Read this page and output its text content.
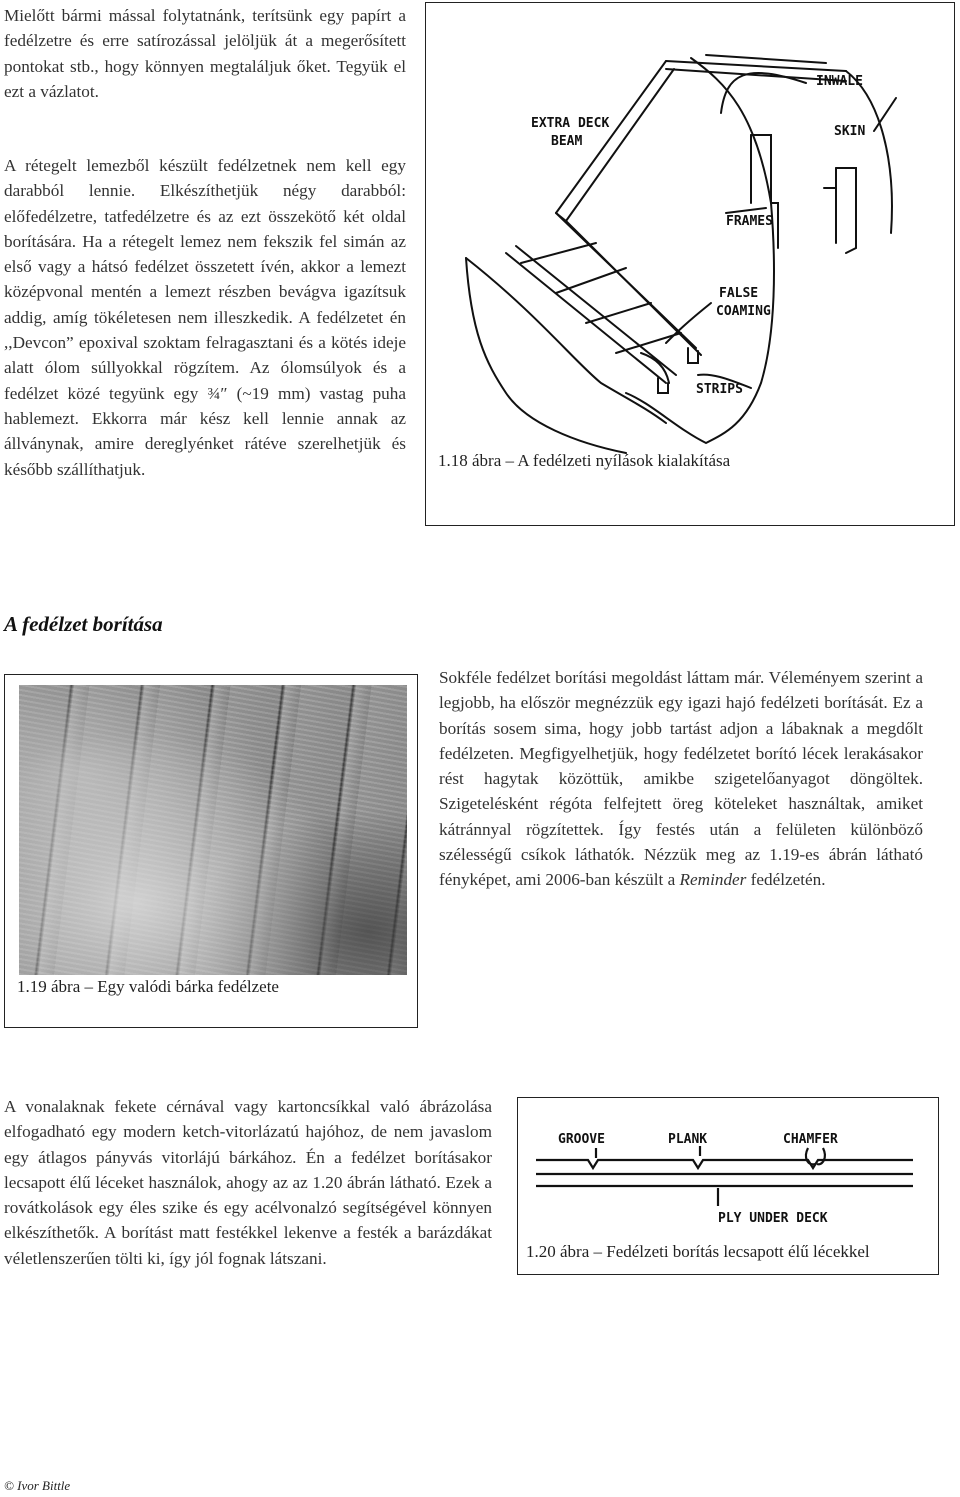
Mielőtt bármi mással folytatnánk, terítsünk egy papírt a fedélzetre és erre satírozással jelöljük át a megerősített pontokat stb., hogy könnyen megtaláljuk őket. Tegyük el ezt a vázlatot.

A rétegelt lemezből készült fedélzetnek nem kell egy darabból lennie. Elkészíthetjük négy darabból: előfedélzetre, tatfedélzetre és az ezt összekötő két oldal borítására. Ha a rétegelt lemez nem fekszik fel simán az első vagy a hátsó fedélzet összetett ívén, akkor a lemezt középvonal mentén a lemezt részben bevágva igazítsuk addig, amíg tökéletesen nem illeszkedik. A fedélzetet én ,,Devcon” epoxival szoktam felragasztani és a kötés ideje alatt ólom súllyokkal rögzítem. Az ólomsúlyok és a fedélzet közé tegyünk egy ¾″ (~19 mm) vastag puha hablemezt. Ekkorra már kész kell lennie annak az állványnak, amire dereglyénket rátéve szerelhetjük és később szállíthatjuk.

INWALE
SKIN
EXTRA DECK
BEAM
FRAMES
FALSE
COAMING
STRIPS
1.18 ábra – A fedélzeti nyílások kialakítása
A fedélzet borítása
1.19 ábra – Egy valódi bárka fedélzete

Sokféle fedélzet borítási megoldást láttam már. Véleményem szerint a legjobb, ha először megnézzük egy igazi hajó fedélzeti borítását. Ez a borítás sosem sima, hogy jobb tartást adjon a lábaknak a megdőlt fedélzeten. Megfigyelhetjük, hogy fedélzetet borító lécek lerakásakor rést hagytak közöttük, amikbe szigetelőanyagot döngöltek. Szigetelésként régóta felfejtett öreg köteleket használtak, amiket kátránnyal rögzítettek. Így festés után a felületen különböző szélességű csíkok láthatók. Nézzük meg az 1.19-es ábrán látható fényképet, ami 2006-ban készült a Reminder fedélzetén.

A vonalaknak fekete cérnával vagy kartoncsíkkal való ábrázolása elfogadható egy modern ketch-vitorlázatú hajóhoz, de nem javaslom egy átlagos pányvás vitorlájú bárkához. Én a fedélzet borításakor lecsapott élű léceket használok, ahogy az az 1.20 ábrán látható. Ezek a rovátkolások egy éles szike és egy acélvonalzó segítségével könnyen elkészíthetők. A borítást matt festékkel lekenve a festék a barázdákat véletlenszerűen tölti ki, így jól fognak látszani.

GROOVE	PLANK	CHAMFER
PLY UNDER DECK
1.20 ábra – Fedélzeti borítás lecsapott élű lécekkel
© Ivor Bittle
